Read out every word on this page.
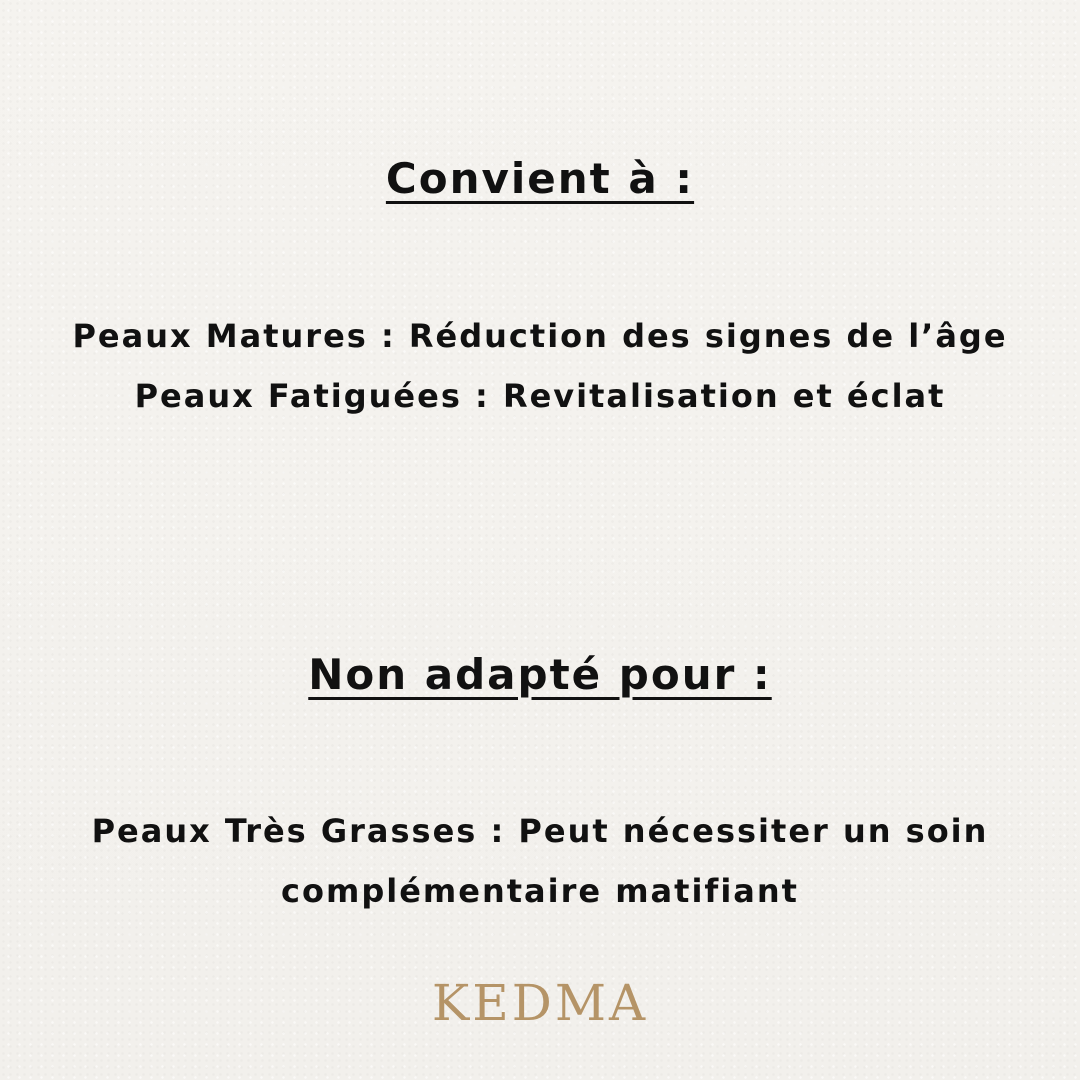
Convient à :

Peaux Matures : Réduction des signes de l’âge

Peaux Fatiguées : Revitalisation et éclat

Non adapté pour :

Peaux Très Grasses : Peut nécessiter un soin

complémentaire matifiant

KEDMA
